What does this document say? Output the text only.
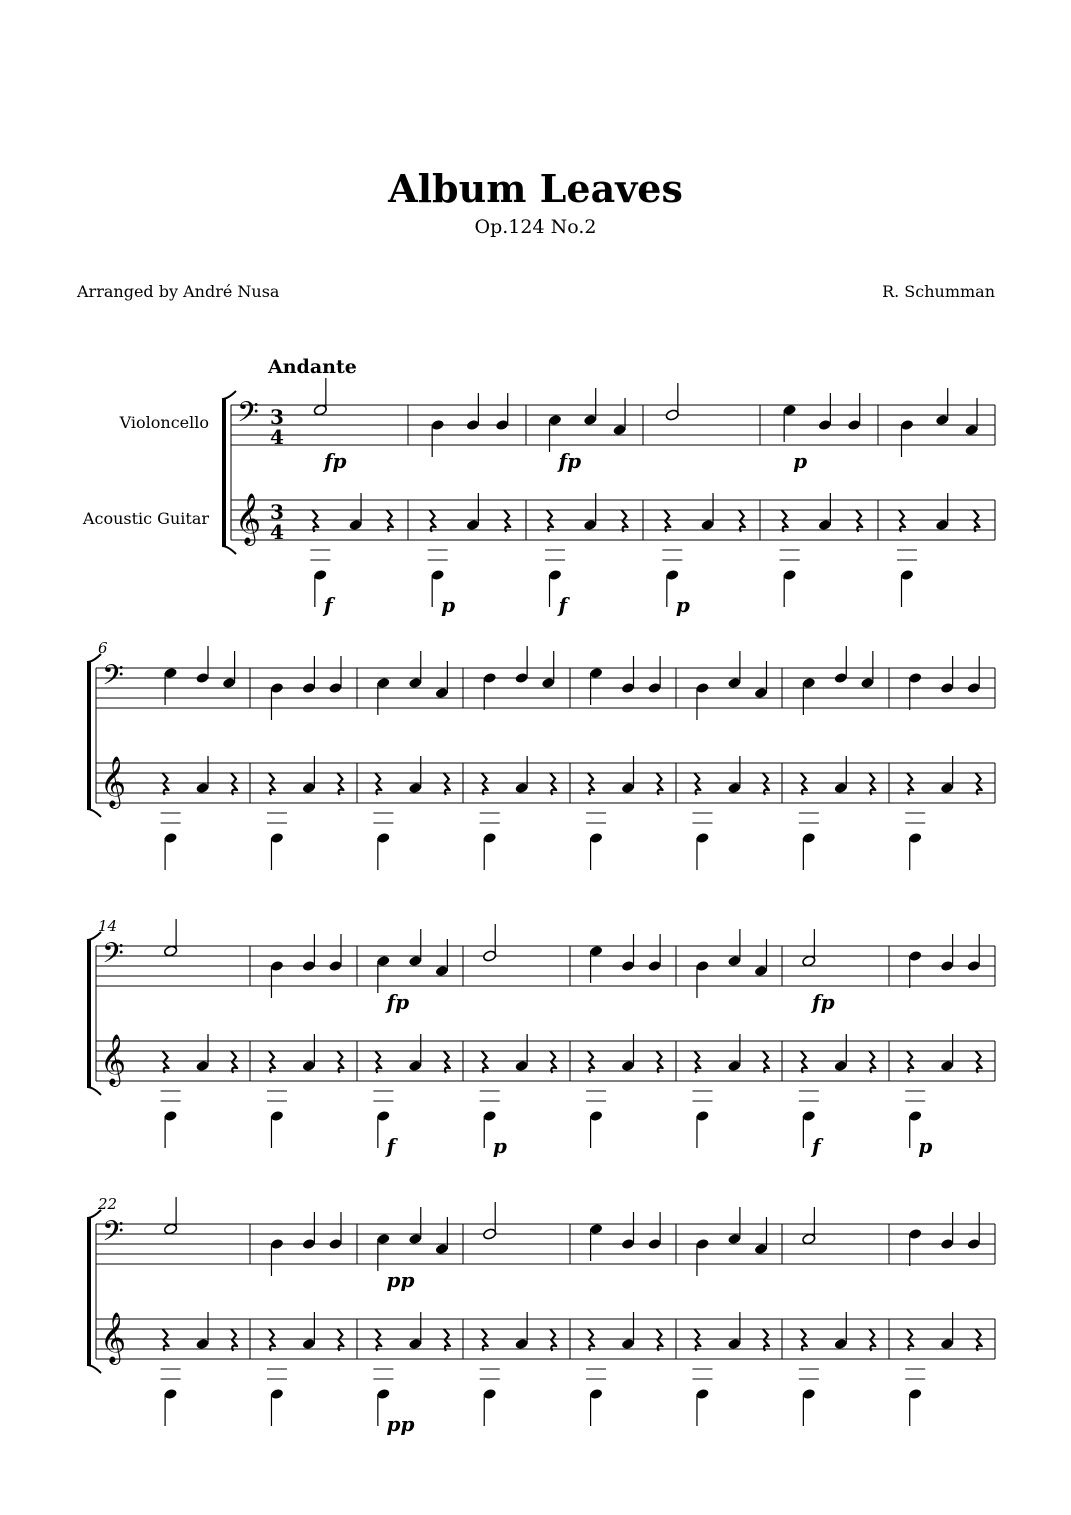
Album Leaves
Op.124 No.2
Arranged by André Nusa	R. Schumman
Andante
Violoncello
Acoustic Guitar
𝄢
𝄞
3
4
3
4
fp	fp	p
f	p	f	p
𝄢
𝄞
6
𝄢
𝄞
14
fp	fp
f	p	f	p
𝄢
𝄞
22
pp
pp
